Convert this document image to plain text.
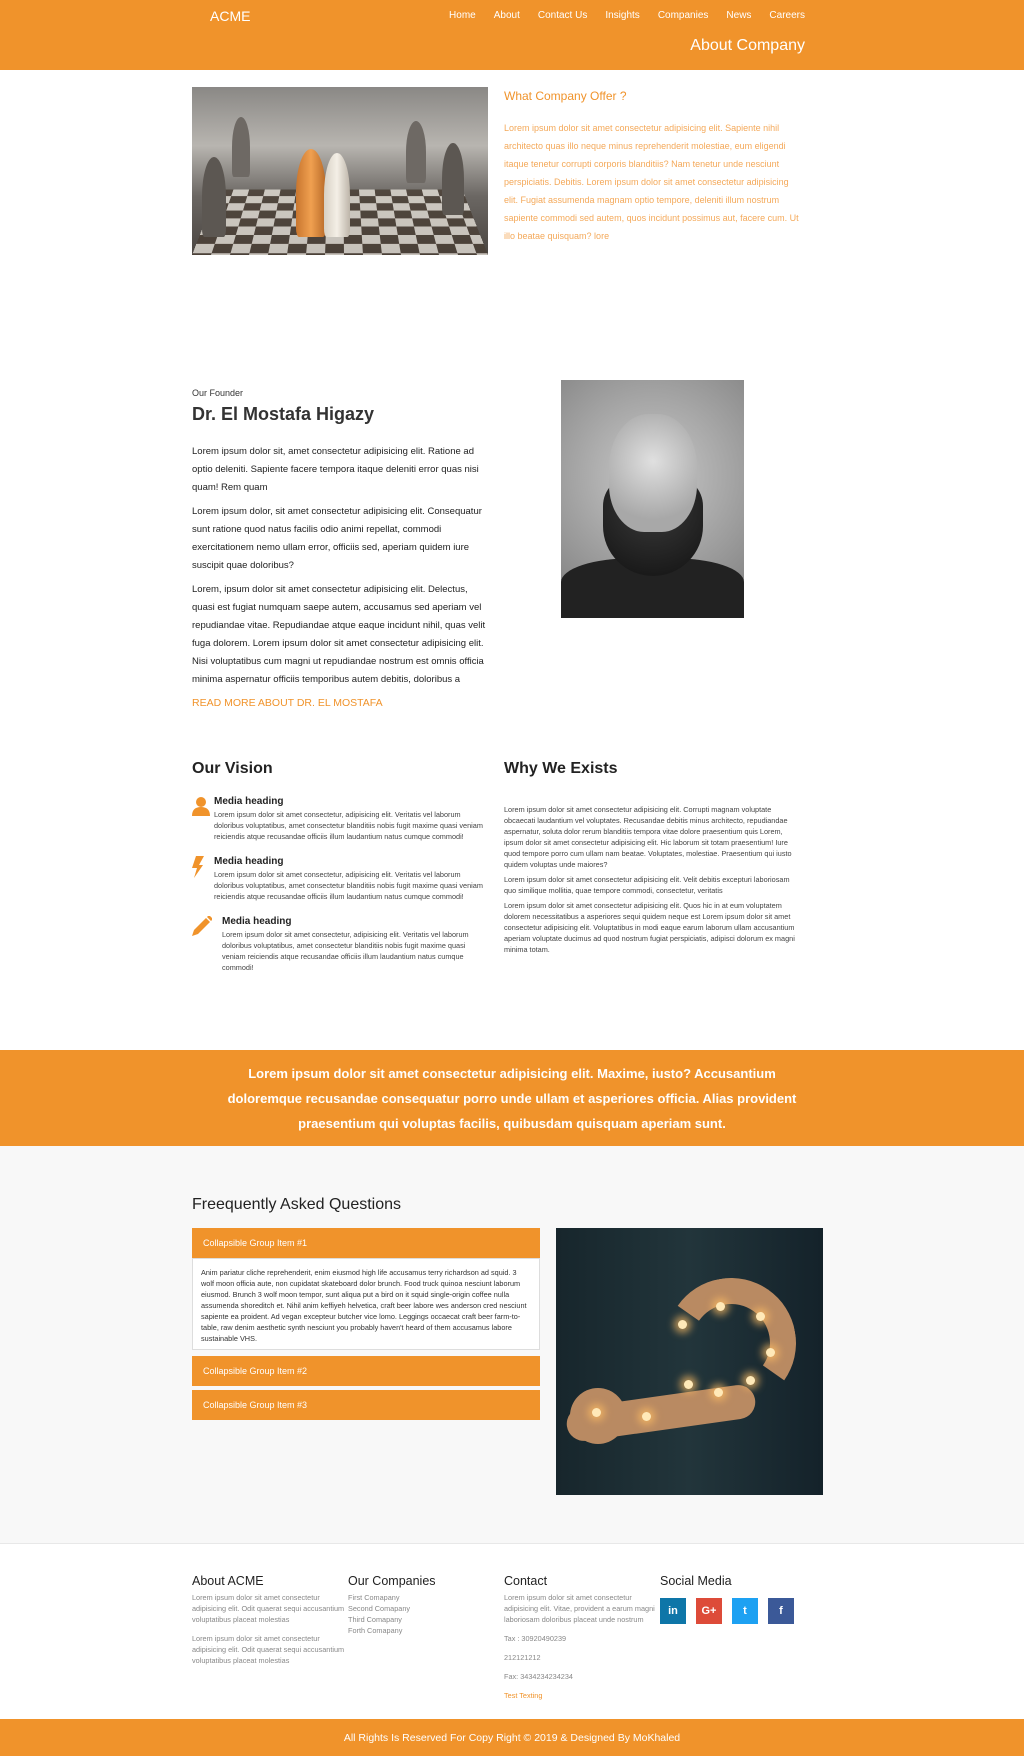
ACME	Home About Contact Us Insights Companies News Careers
About Company
What Company Offer ?

Lorem ipsum dolor sit amet consectetur adipisicing elit. Sapiente nihil architecto quas illo neque minus reprehenderit molestiae, eum eligendi itaque tenetur corrupti corporis blanditiis? Nam tenetur unde nesciunt perspiciatis. Debitis. Lorem ipsum dolor sit amet consectetur adipisicing elit. Fugiat assumenda magnam optio tempore, deleniti illum nostrum sapiente commodi sed autem, quos incidunt possimus aut, facere cum. Ut illo beatae quisquam? lore

Our Founder
Dr. El Mostafa Higazy

Lorem ipsum dolor sit, amet consectetur adipisicing elit. Ratione ad optio deleniti. Sapiente facere tempora itaque deleniti error quas nisi quam! Rem quam

Lorem ipsum dolor, sit amet consectetur adipisicing elit. Consequatur sunt ratione quod natus facilis odio animi repellat, commodi exercitationem nemo ullam error, officiis sed, aperiam quidem iure suscipit quae doloribus?

Lorem, ipsum dolor sit amet consectetur adipisicing elit. Delectus, quasi est fugiat numquam saepe autem, accusamus sed aperiam vel repudiandae vitae. Repudiandae atque eaque incidunt nihil, quas velit fuga dolorem. Lorem ipsum dolor sit amet consectetur adipisicing elit. Nisi voluptatibus cum magni ut repudiandae nostrum est omnis officia minima aspernatur officiis temporibus autem debitis, doloribus a

READ MORE ABOUT DR. EL MOSTAFA
Our Vision
Media heading

Lorem ipsum dolor sit amet consectetur, adipisicing elit. Veritatis vel laborum doloribus voluptatibus, amet consectetur blanditiis nobis fugit maxime quasi veniam reiciendis atque recusandae officiis illum laudantium natus cumque commodi!

Media heading

Lorem ipsum dolor sit amet consectetur, adipisicing elit. Veritatis vel laborum doloribus voluptatibus, amet consectetur blanditiis nobis fugit maxime quasi veniam reiciendis atque recusandae officiis illum laudantium natus cumque commodi!

Media heading

Lorem ipsum dolor sit amet consectetur, adipisicing elit. Veritatis vel laborum doloribus voluptatibus, amet consectetur blanditiis nobis fugit maxime quasi veniam reiciendis atque recusandae officiis illum laudantium natus cumque commodi!

Why We Exists

Lorem ipsum dolor sit amet consectetur adipisicing elit. Corrupti magnam voluptate obcaecati laudantium vel voluptates. Recusandae debitis minus architecto, repudiandae aspernatur, soluta dolor rerum blanditiis tempora vitae dolore praesentium quis Lorem, ipsum dolor sit amet consectetur adipisicing elit. Hic laborum sit totam praesentium! Iure quod tempore porro cum ullam nam beatae. Voluptates, molestiae. Praesentium qui iusto quidem voluptas unde maiores?

Lorem ipsum dolor sit amet consectetur adipisicing elit. Velit debitis excepturi laboriosam quo similique mollitia, quae tempore commodi, consectetur, veritatis

Lorem ipsum dolor sit amet consectetur adipisicing elit. Quos hic in at eum voluptatem dolorem necessitatibus a asperiores sequi quidem neque est Lorem ipsum dolor sit amet consectetur adipisicing elit. Voluptatibus in modi eaque earum laborum ullam accusantium aperiam voluptate ducimus ad quod nostrum fugiat perspiciatis, adipisci dolorum ex magni minima totam.

Lorem ipsum dolor sit amet consectetur adipisicing elit. Maxime, iusto? Accusantium doloremque recusandae consequatur porro unde ullam et asperiores officia. Alias provident praesentium qui voluptas facilis, quibusdam quisquam aperiam sunt.

Freequently Asked Questions
Collapsible Group Item #1
Anim pariatur cliche reprehenderit, enim eiusmod high life accusamus terry richardson ad squid. 3 wolf moon officia aute, non cupidatat skateboard dolor brunch. Food truck quinoa nesciunt laborum eiusmod. Brunch 3 wolf moon tempor, sunt aliqua put a bird on it squid single-origin coffee nulla assumenda shoreditch et. Nihil anim keffiyeh helvetica, craft beer labore wes anderson cred nesciunt sapiente ea proident. Ad vegan excepteur butcher vice lomo. Leggings occaecat craft beer farm-to-table, raw denim aesthetic synth nesciunt you probably haven't heard of them accusamus labore sustainable VHS.
Collapsible Group Item #2
Collapsible Group Item #3
About ACME

Lorem ipsum dolor sit amet consectetur adipisicing elit. Odit quaerat sequi accusantium voluptatibus placeat molestias

Lorem ipsum dolor sit amet consectetur adipisicing elit. Odit quaerat sequi accusantium voluptatibus placeat molestias

Our Companies
First Comapany
Second Comapany
Third Comapany
Forth Comapany
Contact

Lorem ipsum dolor sit amet consectetur adipisicing elit. Vitae, provident a earum magni laboriosam doloribus placeat unde nostrum

Tax : 30920490239

212121212

Fax: 3434234234234

Test Texting

Social Media
in	G+	t	f
All Rights Is Reserved For Copy Right © 2019 & Designed By MoKhaled
